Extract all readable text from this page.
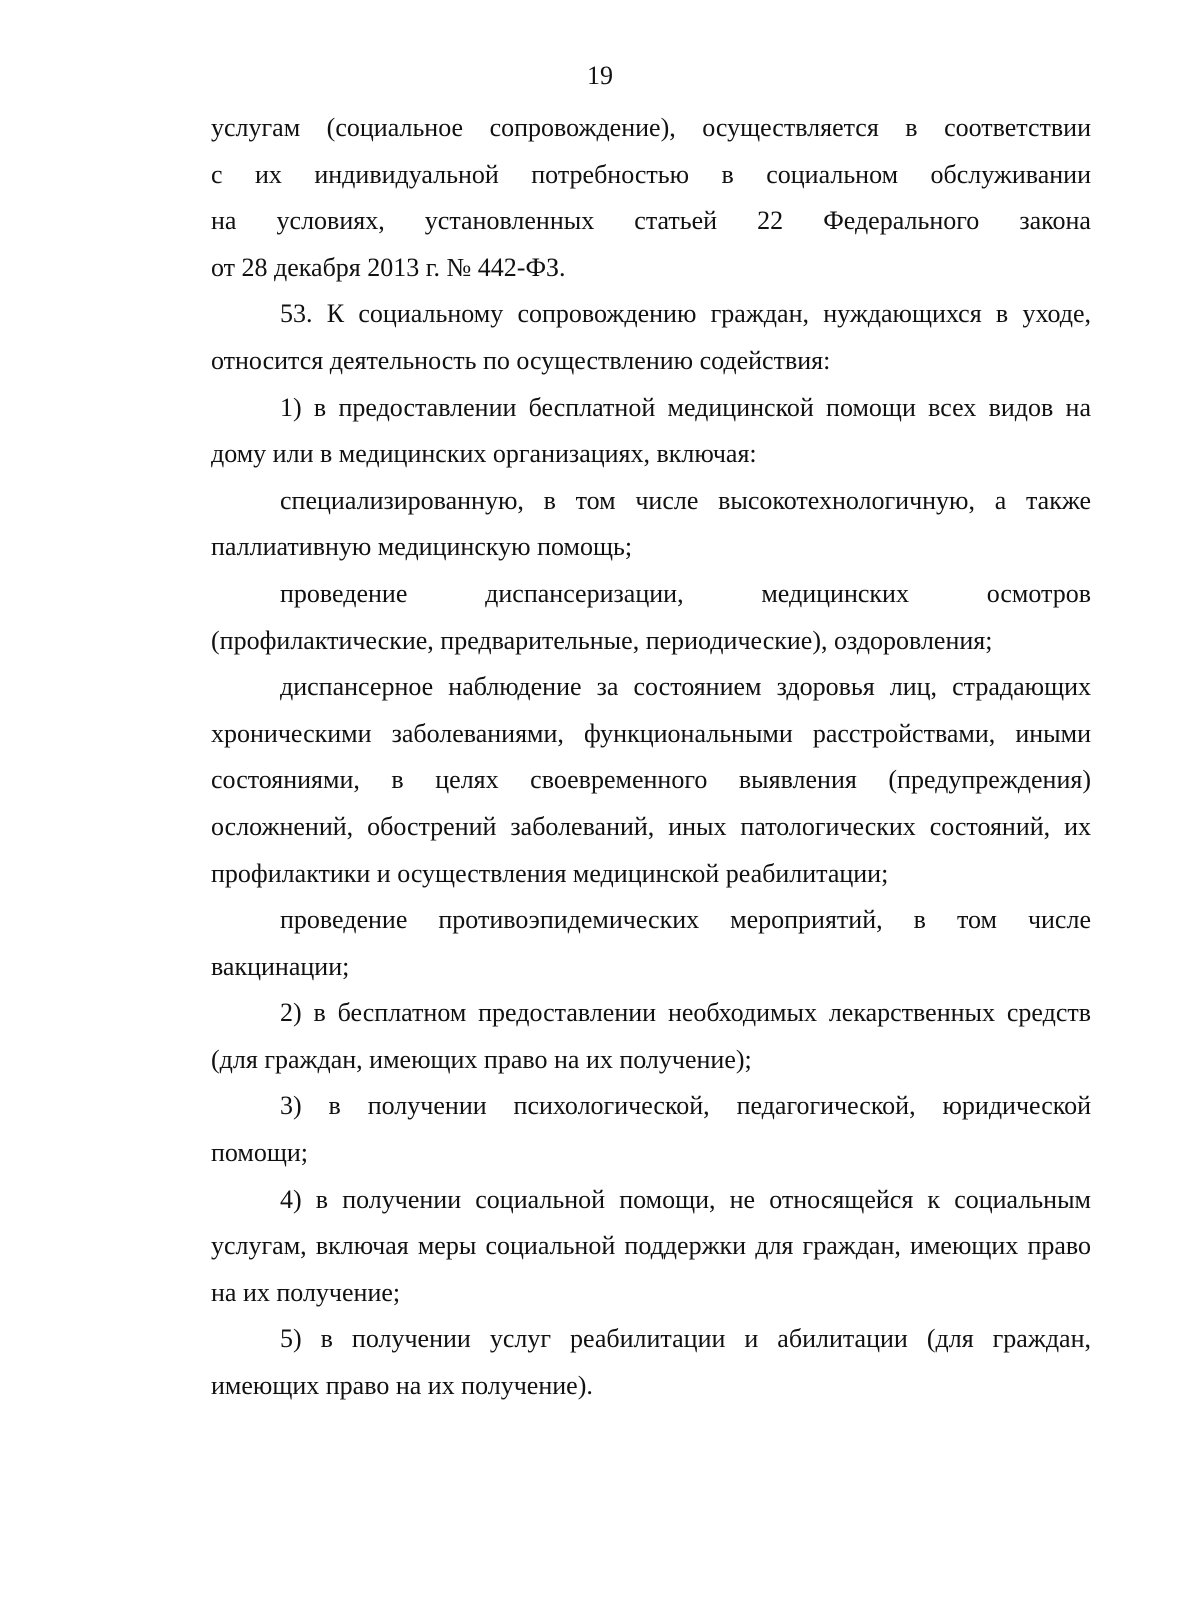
19
услугам (социальное сопровождение), осуществляется в соответствии
с их индивидуальной потребностью в социальном обслуживании
на условиях, установленных статьей 22 Федерального закона
от 28 декабря 2013 г. № 442-ФЗ.

53. К социальному сопровождению граждан, нуждающихся в уходе, относится деятельность по осуществлению содействия:

1) в предоставлении бесплатной медицинской помощи всех видов на дому или в медицинских организациях, включая:

специализированную, в том числе высокотехнологичную, а также паллиативную медицинскую помощь;

проведение диспансеризации, медицинских осмотров (профилактические, предварительные, периодические), оздоровления;

диспансерное наблюдение за состоянием здоровья лиц, страдающих хроническими заболеваниями, функциональными расстройствами, иными состояниями, в целях своевременного выявления (предупреждения) осложнений, обострений заболеваний, иных патологических состояний, их профилактики и осуществления медицинской реабилитации;

проведение противоэпидемических мероприятий, в том числе вакцинации;

2) в бесплатном предоставлении необходимых лекарственных средств (для граждан, имеющих право на их получение);

3) в получении психологической, педагогической, юридической помощи;

4) в получении социальной помощи, не относящейся к социальным услугам, включая меры социальной поддержки для граждан, имеющих право на их получение;

5) в получении услуг реабилитации и абилитации (для граждан, имеющих право на их получение).
